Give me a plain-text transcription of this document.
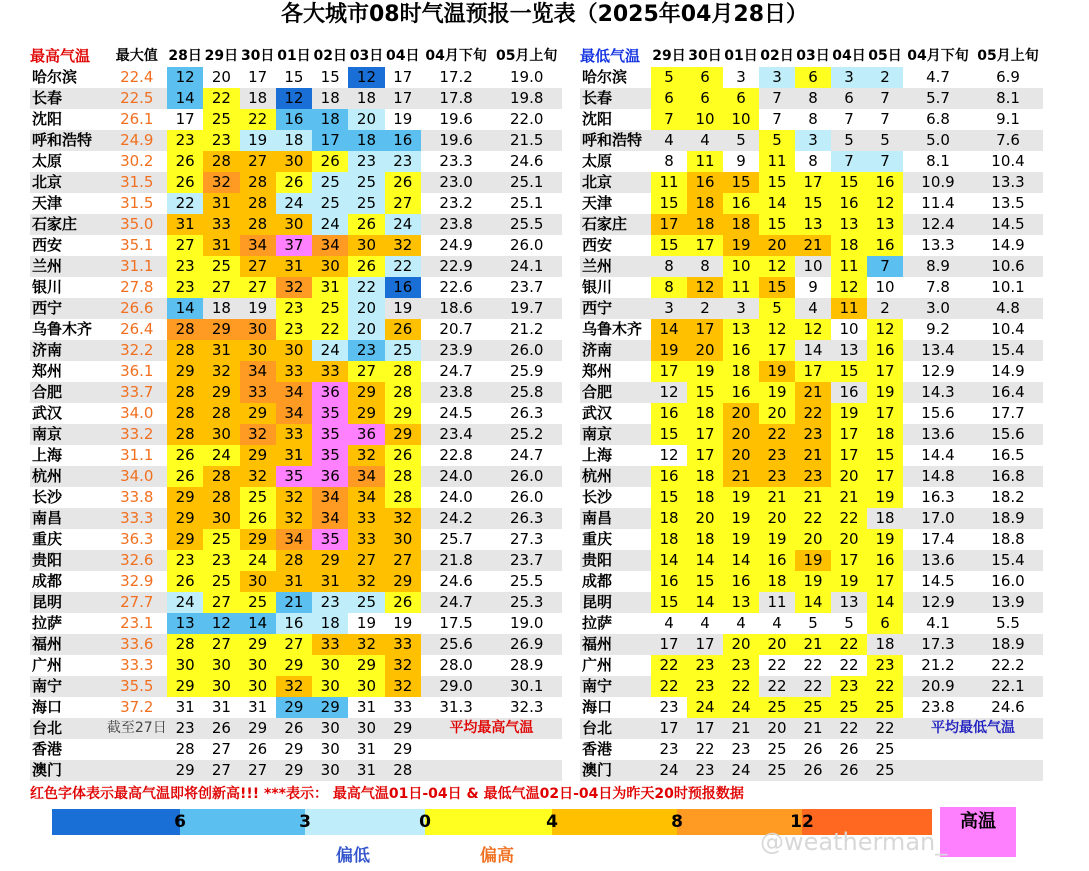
各大城市08时气温预报一览表（2025年04月28日）
最高气温	最大值	28日	29日	30日	01日	02日	03日	04日	04月下旬	05月上旬
哈尔滨	22.4	12	20	17	15	15	12	17	17.2	19.0
长春	22.5	14	22	18	12	18	18	17	17.8	19.8
沈阳	26.1	17	25	22	16	18	20	19	19.6	22.0
呼和浩特	24.9	23	23	19	18	17	18	16	19.6	21.5
太原	30.2	26	28	27	30	26	23	23	23.3	24.6
北京	31.5	26	32	28	26	25	25	26	23.0	25.1
天津	31.5	22	31	28	24	25	25	27	23.2	25.1
石家庄	35.0	31	33	28	30	24	26	24	23.8	25.5
西安	35.1	27	31	34	37	34	30	32	24.9	26.0
兰州	31.1	23	25	27	31	30	26	22	22.9	24.1
银川	27.8	23	27	27	32	31	22	16	22.6	23.7
西宁	26.6	14	18	19	23	25	20	19	18.6	19.7
乌鲁木齐	26.4	28	29	30	23	22	20	26	20.7	21.2
济南	32.2	28	31	30	30	24	23	25	23.9	26.0
郑州	36.1	29	32	34	33	33	27	28	24.7	25.9
合肥	33.7	28	29	33	34	36	29	28	23.8	25.8
武汉	34.0	28	28	29	34	35	29	29	24.5	26.3
南京	33.2	28	30	32	33	35	36	29	23.4	25.2
上海	31.1	26	24	29	31	35	32	26	22.8	24.7
杭州	34.0	26	28	32	35	36	34	28	24.0	26.0
长沙	33.8	29	28	25	32	34	34	28	24.0	26.0
南昌	33.3	29	30	26	32	34	33	32	24.2	26.3
重庆	36.3	29	25	29	34	35	33	30	25.7	27.3
贵阳	32.6	23	23	24	28	29	27	27	21.8	23.7
成都	32.9	26	25	30	31	31	32	29	24.6	25.5
昆明	27.7	24	27	25	21	23	25	26	24.7	25.3
拉萨	23.1	13	12	14	16	18	19	19	17.5	19.0
福州	33.6	28	27	29	27	33	32	33	25.6	26.9
广州	33.3	30	30	30	29	30	29	32	28.0	28.9
南宁	35.5	29	30	30	32	30	30	32	29.0	30.1
海口	37.2	31	31	31	29	29	31	33	31.3	32.3
台北	截至27日	23	26	29	26	30	30	29	平均最高气温	
香港		28	27	26	29	30	31	29		
澳门		29	27	27	29	30	31	28		
最低气温	29日	30日	01日	02日	03日	04日	05日	04月下旬	05月上旬
哈尔滨	5	6	3	3	6	3	2	4.7	6.9
长春	6	6	6	7	8	6	7	5.7	8.1
沈阳	7	10	10	7	8	7	7	6.8	9.1
呼和浩特	4	4	5	5	3	5	5	5.0	7.6
太原	8	11	9	11	8	7	7	8.1	10.4
北京	11	16	15	15	17	15	16	10.9	13.3
天津	15	18	16	14	15	16	12	11.4	13.5
石家庄	17	18	18	15	13	13	13	12.4	14.5
西安	15	17	19	20	21	18	16	13.3	14.9
兰州	8	8	10	12	10	11	7	8.9	10.6
银川	8	12	11	15	9	12	10	7.8	10.1
西宁	3	2	3	5	4	11	2	3.0	4.8
乌鲁木齐	14	17	13	12	12	10	12	9.2	10.4
济南	19	20	16	17	14	13	16	13.4	15.4
郑州	17	19	18	19	17	15	17	12.9	14.9
合肥	12	15	16	19	21	16	19	14.3	16.4
武汉	16	18	20	20	22	19	17	15.6	17.7
南京	15	17	20	22	23	17	18	13.6	15.6
上海	12	17	20	23	21	17	15	14.4	16.5
杭州	16	18	21	23	23	20	17	14.8	16.8
长沙	15	18	19	21	21	21	19	16.3	18.2
南昌	18	20	19	20	22	22	18	17.0	18.9
重庆	18	18	19	19	20	20	19	17.4	18.8
贵阳	14	14	14	16	19	17	16	13.6	15.4
成都	16	15	16	18	19	19	17	14.5	16.0
昆明	15	14	13	11	14	13	14	12.9	13.9
拉萨	4	4	4	4	5	5	6	4.1	5.5
福州	17	17	20	20	21	22	18	17.3	18.9
广州	22	23	23	22	22	22	23	21.2	22.2
南宁	22	23	22	22	22	23	22	20.9	22.1
海口	23	24	24	25	25	25	25	23.8	24.6
台北	17	17	21	20	21	22	22	平均最低气温	
香港	23	22	23	25	26	26	25		
澳门	24	23	24	25	26	26	25		
红色字体表示最高气温即将创新高!!! ***表示： 最高气温01日-04日 & 最低气温02日-04日为昨天20时预报数据
6	3	0	4	8	12	高温
偏低	偏高	@weatherman_
